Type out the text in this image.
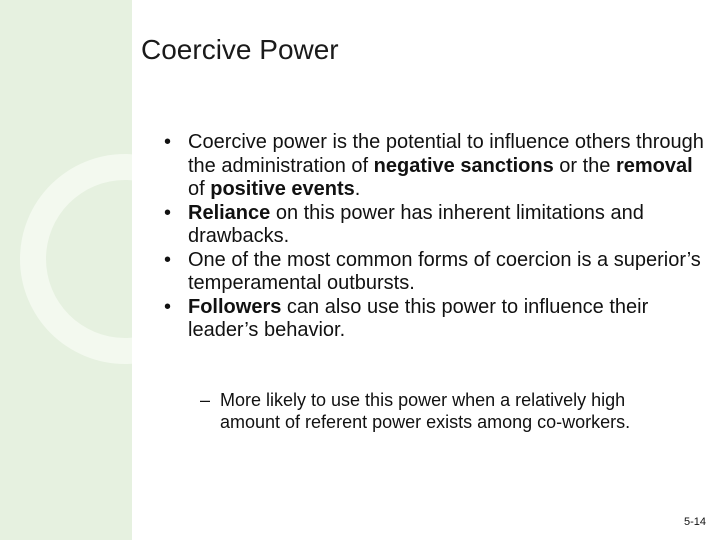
Coercive Power
• Coercive power is the potential to influence others through the administration of negative sanctions or the removal of positive events.
• Reliance on this power has inherent limitations and drawbacks.
• One of the most common forms of coercion is a superior’s temperamental outbursts.
• Followers can also use this power to influence their leader’s behavior.
– More likely to use this power when a relatively high amount of referent power exists among co-workers.
5-14
